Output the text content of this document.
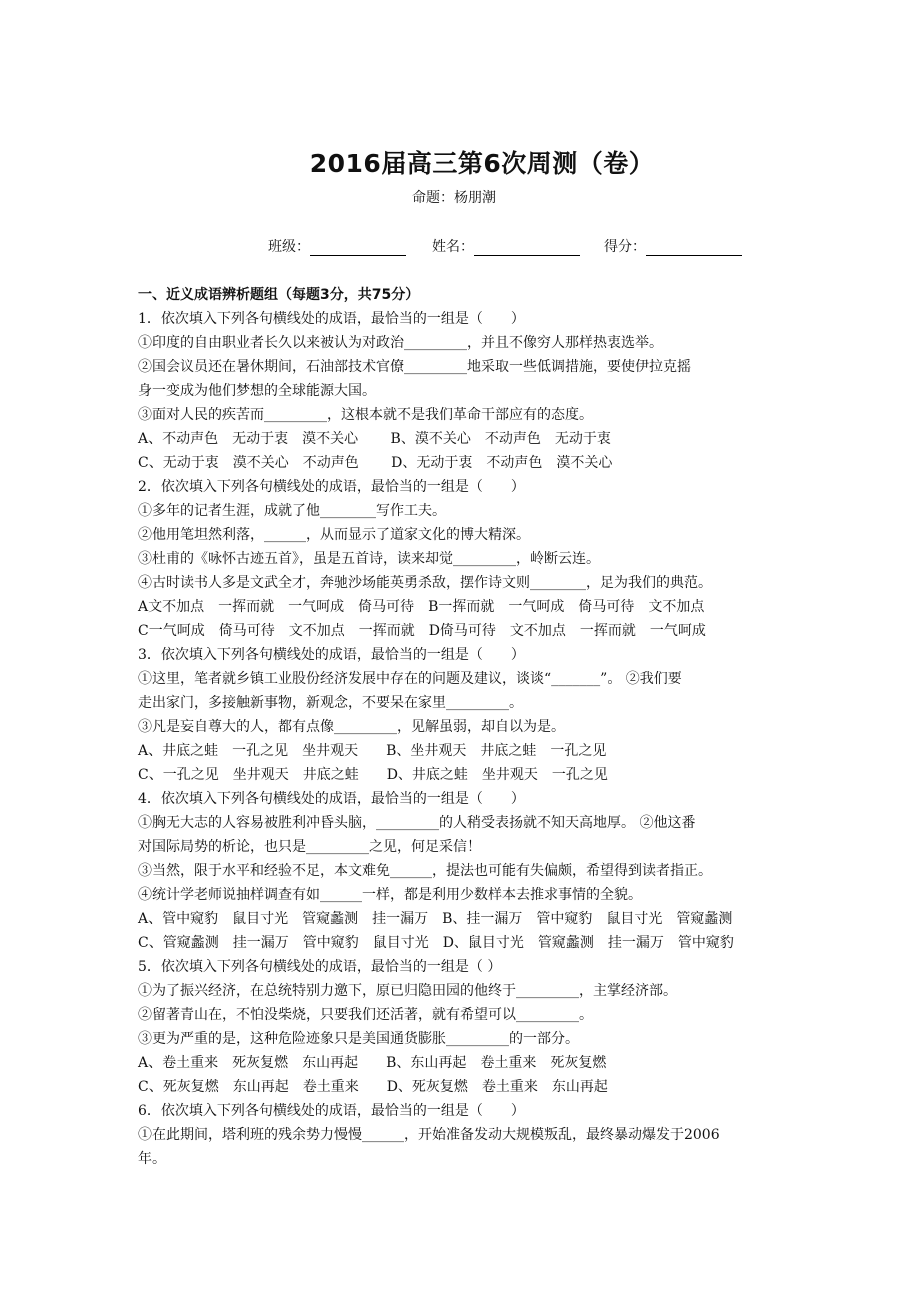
2016届高三第6次周测（卷）
命题：杨朋潮
班级：	姓名：	得分：

一、近义成语辨析题组（每题3分，共75分）

1．依次填入下列各句横线处的成语，最恰当的一组是（　　）

①印度的自由职业者长久以来被认为对政治_________，并且不像穷人那样热衷选举。

②国会议员还在暑休期间，石油部技术官僚_________地采取一些低调措施，要使伊拉克摇

身一变成为他们梦想的全球能源大国。

③面对人民的疾苦而_________，这根本就不是我们革命干部应有的态度。

A、不动声色　无动于衷　漠不关心　　 B、漠不关心　不动声色　无动于衷

C、无动于衷　漠不关心　不动声色　　 D、无动于衷　不动声色　漠不关心

2．依次填入下列各句横线处的成语，最恰当的一组是（　　）

①多年的记者生涯，成就了他________写作工夫。

②他用笔坦然利落，______，从而显示了道家文化的博大精深。

③杜甫的《咏怀古迹五首》，虽是五首诗，读来却觉_________，岭断云连。

④古时读书人多是文武全才，奔驰沙场能英勇杀敌，摆作诗文则________，足为我们的典范。

A文不加点　一挥而就　一气呵成　倚马可待　B一挥而就　一气呵成　倚马可待　文不加点

C一气呵成　倚马可待　文不加点　一挥而就　D倚马可待　文不加点　一挥而就　一气呵成

3．依次填入下列各句横线处的成语，最恰当的一组是（　　）

①这里，笔者就乡镇工业股份经济发展中存在的问题及建议，谈谈“_______”。 ②我们要

走出家门，多接触新事物，新观念，不要呆在家里_________。

③凡是妄自尊大的人，都有点像_________，见解虽弱，却自以为是。

A、井底之蛙　一孔之见　坐井观天　　B、坐井观天　井底之蛙　一孔之见

C、一孔之见　坐井观天　井底之蛙　　D、井底之蛙　坐井观天　一孔之见

4．依次填入下列各句横线处的成语，最恰当的一组是（　　）

①胸无大志的人容易被胜利冲昏头脑，_________的人稍受表扬就不知天高地厚。 ②他这番

对国际局势的析论，也只是_________之见，何足采信！

③当然，限于水平和经验不足，本文难免______，提法也可能有失偏颇，希望得到读者指正。

④统计学老师说抽样调查有如______一样，都是利用少数样本去推求事情的全貌。

A、管中窥豹　鼠目寸光　管窥蠡测　挂一漏万　B、挂一漏万　管中窥豹　鼠目寸光　管窥蠡测

C、管窥蠡测　挂一漏万　管中窥豹　鼠目寸光　D、鼠目寸光　管窥蠡测　挂一漏万　管中窥豹

5．依次填入下列各句横线处的成语，最恰当的一组是（ ）

①为了振兴经济，在总统特别力邀下，原已归隐田园的他终于_________，主掌经济部。

②留著青山在，不怕没柴烧，只要我们还活著，就有希望可以_________。

③更为严重的是，这种危险迹象只是美国通货膨胀_________的一部分。

A、卷土重来　死灰复燃　东山再起　　B、东山再起　卷土重来　死灰复燃

C、死灰复燃　东山再起　卷土重来　　D、死灰复燃　卷土重来　东山再起

6．依次填入下列各句横线处的成语，最恰当的一组是（　　）

①在此期间，塔利班的残余势力慢慢______，开始准备发动大规模叛乱，最终暴动爆发于2006

年。
